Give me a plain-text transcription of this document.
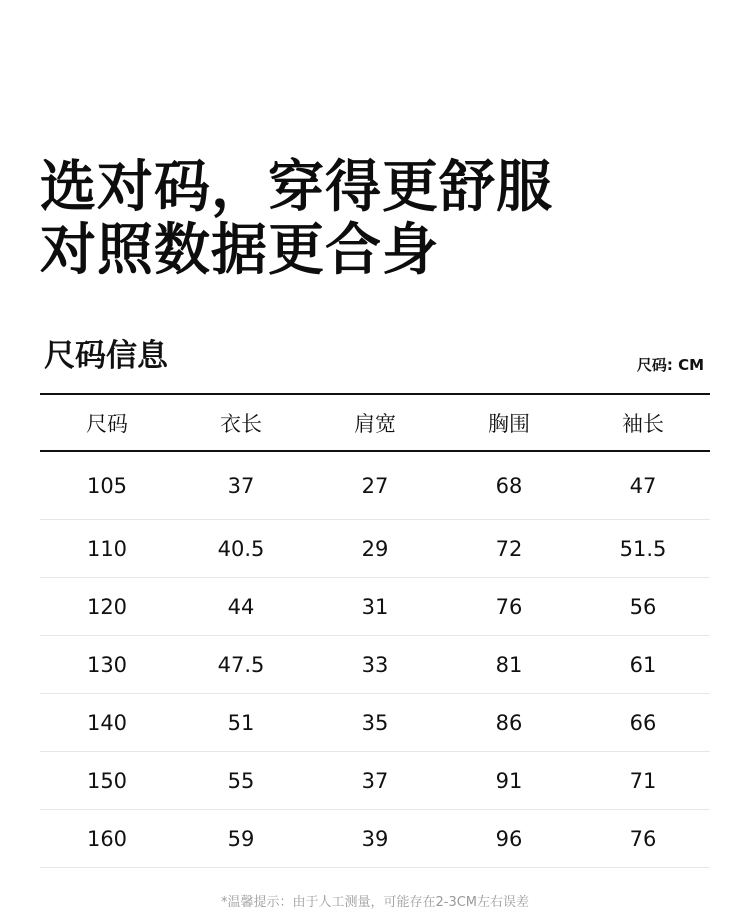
选对码，穿得更舒服
对照数据更合身
尺码信息	尺码: CM
尺码	衣长	肩宽	胸围	袖长
105	37	27	68	47
110	40.5	29	72	51.5
120	44	31	76	56
130	47.5	33	81	61
140	51	35	86	66
150	55	37	91	71
160	59	39	96	76
*温馨提示：由于人工测量，可能存在2-3CM左右误差
